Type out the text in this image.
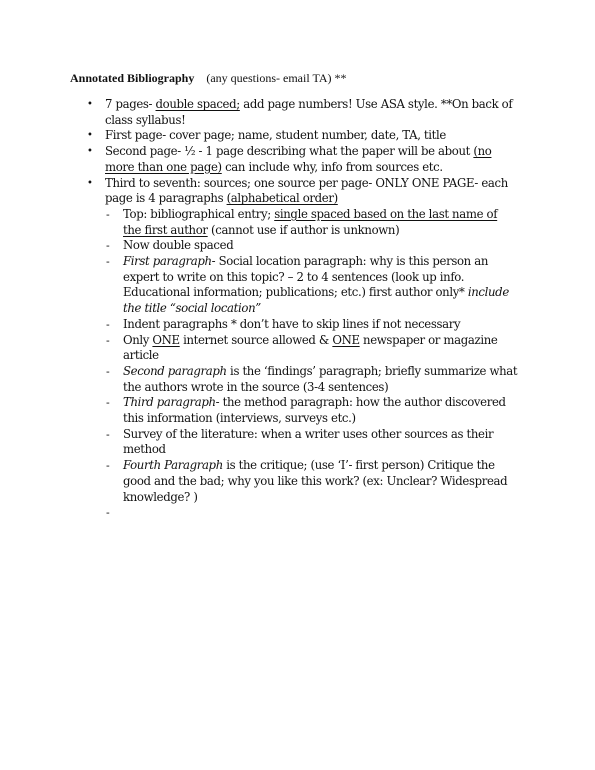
Annotated Bibliography (any questions- email TA) **
• 7 pages- double spaced; add page numbers! Use ASA style. **On back of
class syllabus!
• First page- cover page; name, student number, date, TA, title
• Second page- ½ - 1 page describing what the paper will be about (no
more than one page) can include why, info from sources etc.
• Third to seventh: sources; one source per page- ONLY ONE PAGE- each
page is 4 paragraphs (alphabetical order)
- Top: bibliographical entry; single spaced based on the last name of
the first author (cannot use if author is unknown)
- Now double spaced
- First paragraph- Social location paragraph: why is this person an
expert to write on this topic? – 2 to 4 sentences (look up info.
Educational information; publications; etc.) first author only* include
the title “social location”
- Indent paragraphs * don’t have to skip lines if not necessary
- Only ONE internet source allowed & ONE newspaper or magazine
article
- Second paragraph is the ‘findings’ paragraph; briefly summarize what
the authors wrote in the source (3-4 sentences)
- Third paragraph- the method paragraph: how the author discovered
this information (interviews, surveys etc.)
- Survey of the literature: when a writer uses other sources as their
method
- Fourth Paragraph is the critique; (use ‘I’- first person) Critique the
good and the bad; why you like this work? (ex: Unclear? Widespread
knowledge? )
-
